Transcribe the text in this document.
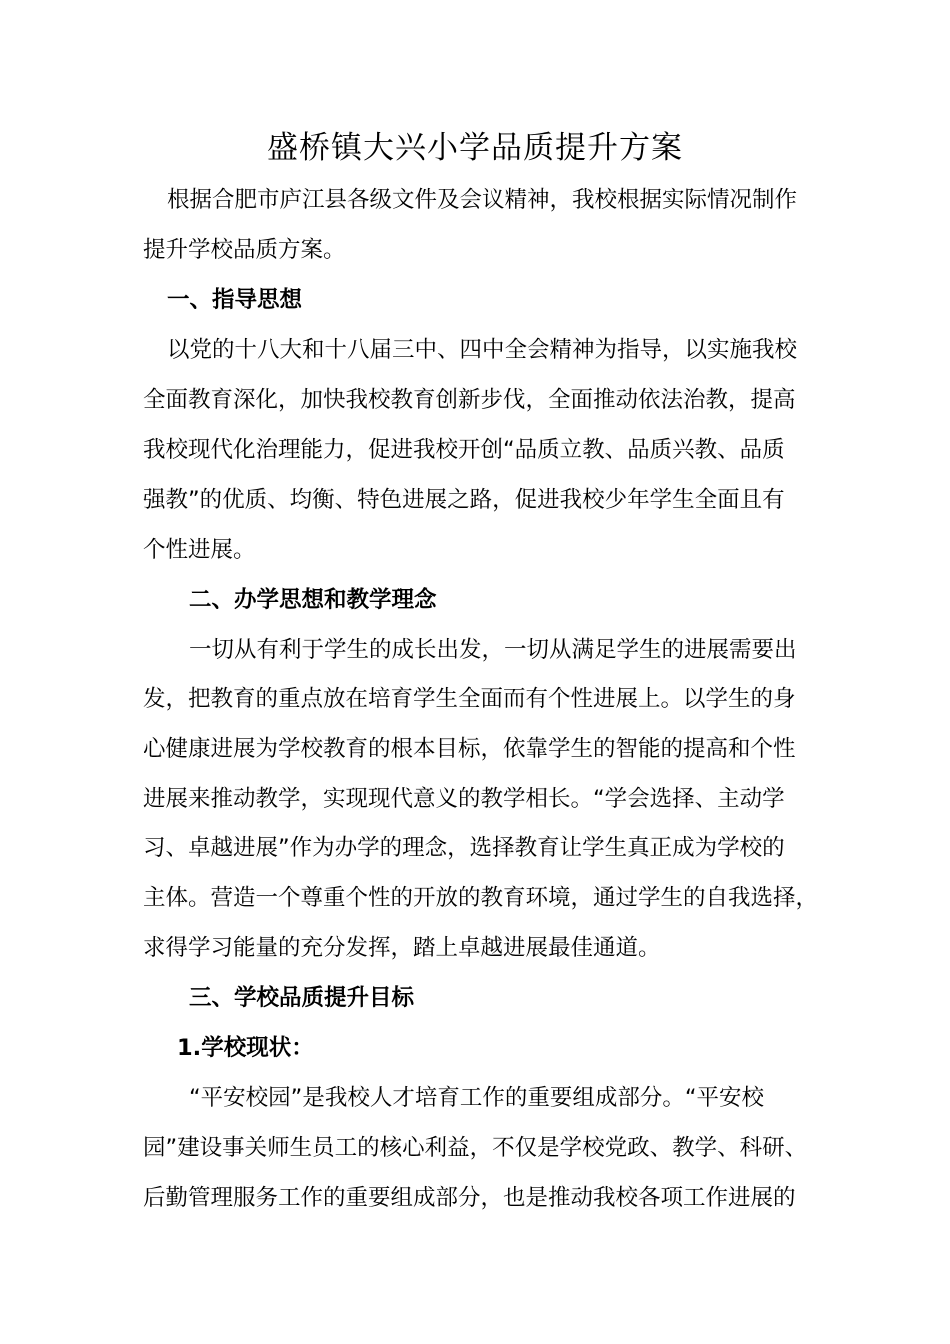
盛桥镇大兴小学品质提升方案
根据合肥市庐江县各级文件及会议精神，我校根据实际情况制作
提升学校品质方案。
一、指导思想
以党的十八大和十八届三中、四中全会精神为指导，以实施我校
全面教育深化，加快我校教育创新步伐，全面推动依法治教，提高
我校现代化治理能力，促进我校开创“品质立教、品质兴教、品质
强教”的优质、均衡、特色进展之路，促进我校少年学生全面且有
个性进展。
二、办学思想和教学理念
一切从有利于学生的成长出发，一切从满足学生的进展需要出
发，把教育的重点放在培育学生全面而有个性进展上。以学生的身
心健康进展为学校教育的根本目标，依靠学生的智能的提高和个性
进展来推动教学，实现现代意义的教学相长。“学会选择、主动学
习、卓越进展”作为办学的理念，选择教育让学生真正成为学校的
主体。营造一个尊重个性的开放的教育环境，通过学生的自我选择，
求得学习能量的充分发挥，踏上卓越进展最佳通道。
三、学校品质提升目标
1.学校现状：
“平安校园”是我校人才培育工作的重要组成部分。“平安校
园”建设事关师生员工的核心利益，不仅是学校党政、教学、科研、
后勤管理服务工作的重要组成部分，也是推动我校各项工作进展的
